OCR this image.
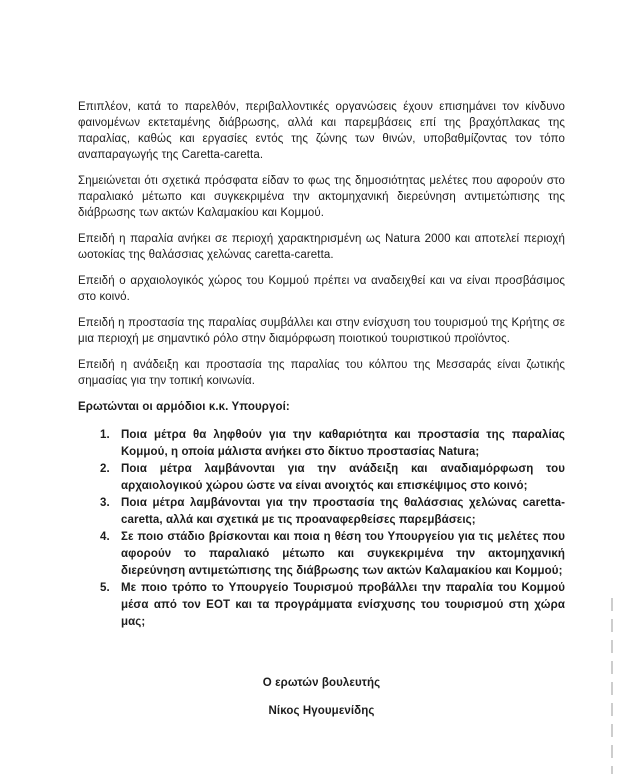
Επιπλέον, κατά το παρελθόν, περιβαλλοντικές οργανώσεις έχουν επισημάνει τον κίνδυνο φαινομένων εκτεταμένης διάβρωσης, αλλά και παρεμβάσεις επί της βραχόπλακας της παραλίας, καθώς και εργασίες εντός της ζώνης των θινών, υποβαθμίζοντας τον τόπο αναπαραγωγής της Caretta-caretta.

Σημειώνεται ότι σχετικά πρόσφατα είδαν το φως της δημοσιότητας μελέτες που αφορούν στο παραλιακό μέτωπο και συγκεκριμένα την ακτομηχανική διερεύνηση αντιμετώπισης της διάβρωσης των ακτών Καλαμακίου και Κομμού.

Επειδή η παραλία ανήκει σε περιοχή χαρακτηρισμένη ως Natura 2000 και αποτελεί περιοχή ωοτοκίας της θαλάσσιας χελώνας caretta-caretta.

Επειδή ο αρχαιολογικός χώρος του Κομμού πρέπει να αναδειχθεί και να είναι προσβάσιμος στο κοινό.

Επειδή η προστασία της παραλίας συμβάλλει και στην ενίσχυση του τουρισμού της Κρήτης σε μια περιοχή με σημαντικό ρόλο στην διαμόρφωση ποιοτικού τουριστικού προϊόντος.

Επειδή η ανάδειξη και προστασία της παραλίας του κόλπου της Μεσσαράς είναι ζωτικής σημασίας για την τοπική κοινωνία.

Ερωτώνται οι αρμόδιοι κ.κ. Υπουργοί:

Ποια μέτρα θα ληφθούν για την καθαριότητα και προστασία της παραλίας Κομμού, η οποία μάλιστα ανήκει στο δίκτυο προστασίας Natura;
Ποια μέτρα λαμβάνονται για την ανάδειξη και αναδιαμόρφωση του αρχαιολογικού χώρου ώστε να είναι ανοιχτός και επισκέψιμος στο κοινό;
Ποια μέτρα λαμβάνονται για την προστασία της θαλάσσιας χελώνας caretta-caretta, αλλά και σχετικά με τις προαναφερθείσες παρεμβάσεις;
Σε ποιο στάδιο βρίσκονται και ποια η θέση του Υπουργείου για τις μελέτες που αφορούν το παραλιακό μέτωπο και συγκεκριμένα την ακτομηχανική διερεύνηση αντιμετώπισης της διάβρωσης των ακτών Καλαμακίου και Κομμού;
Με ποιο τρόπο το Υπουργείο Τουρισμού προβάλλει την παραλία του Κομμού μέσα από τον ΕΟΤ και τα προγράμματα ενίσχυσης του τουρισμού στη χώρα μας;

Ο ερωτών βουλευτής

Νίκος Ηγουμενίδης
